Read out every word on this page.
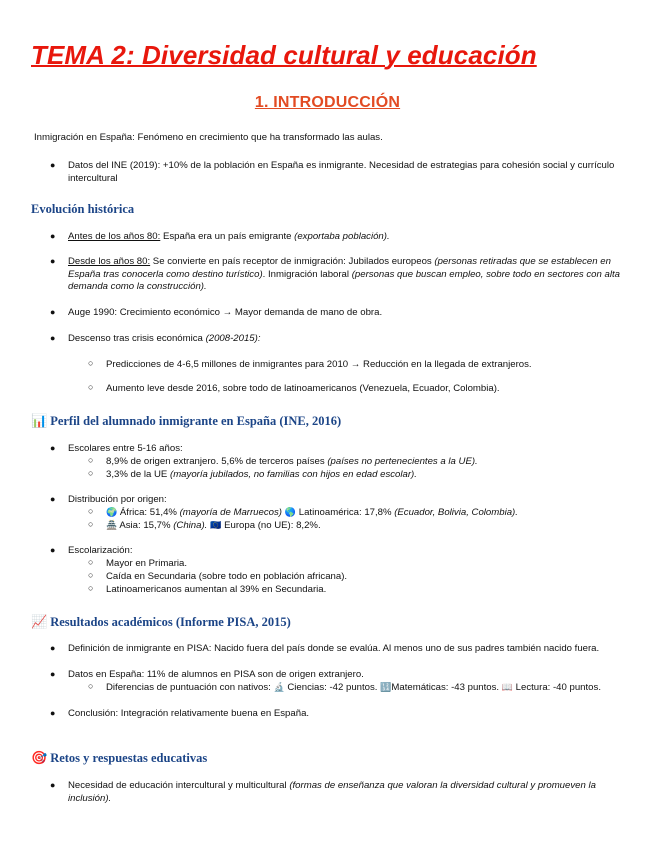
TEMA 2: Diversidad cultural y educación
1. INTRODUCCIÓN

Inmigración en España: Fenómeno en crecimiento que ha transformado las aulas.

●	Datos del INE (2019): +10% de la población en España es inmigrante. Necesidad de estrategias para cohesión social y currículo intercultural
Evolución histórica
●	Antes de los años 80: España era un país emigrante (exportaba población).
●	Desde los años 80: Se convierte en país receptor de inmigración: Jubilados europeos (personas retiradas que se establecen en España tras conocerla como destino turístico). Inmigración laboral (personas que buscan empleo, sobre todo en sectores con alta demanda como la construcción).
●	Auge 1990: Crecimiento económico → Mayor demanda de mano de obra.
●	Descenso tras crisis económica (2008-2015):
○	Predicciones de 4-6,5 millones de inmigrantes para 2010 → Reducción en la llegada de extranjeros.
○	Aumento leve desde 2016, sobre todo de latinoamericanos (Venezuela, Ecuador, Colombia).
📊 Perfil del alumnado inmigrante en España (INE, 2016)
●	Escolares entre 5-16 años:
○	8,9% de origen extranjero. 5,6% de terceros países (países no pertenecientes a la UE).
○	3,3% de la UE (mayoría jubilados, no familias con hijos en edad escolar).
●	Distribución por origen:
○	🌍 África: 51,4% (mayoría de Marruecos) 🌎 Latinoamérica: 17,8% (Ecuador, Bolivia, Colombia).
○	🏯 Asia: 15,7% (China). 🇪🇺 Europa (no UE): 8,2%.
●	Escolarización:
○	Mayor en Primaria.
○	Caída en Secundaria (sobre todo en población africana).
○	Latinoamericanos aumentan al 39% en Secundaria.
📈 Resultados académicos (Informe PISA, 2015)
●	Definición de inmigrante en PISA: Nacido fuera del país donde se evalúa. Al menos uno de sus padres también nacido fuera.
●	Datos en España: 11% de alumnos en PISA son de origen extranjero.
○	Diferencias de puntuación con nativos: 🔬 Ciencias: -42 puntos. 🔢Matemáticas: -43 puntos. 📖 Lectura: -40 puntos.
●	Conclusión: Integración relativamente buena en España.
🎯 Retos y respuestas educativas
●	Necesidad de educación intercultural y multicultural (formas de enseñanza que valoran la diversidad cultural y promueven la inclusión).
